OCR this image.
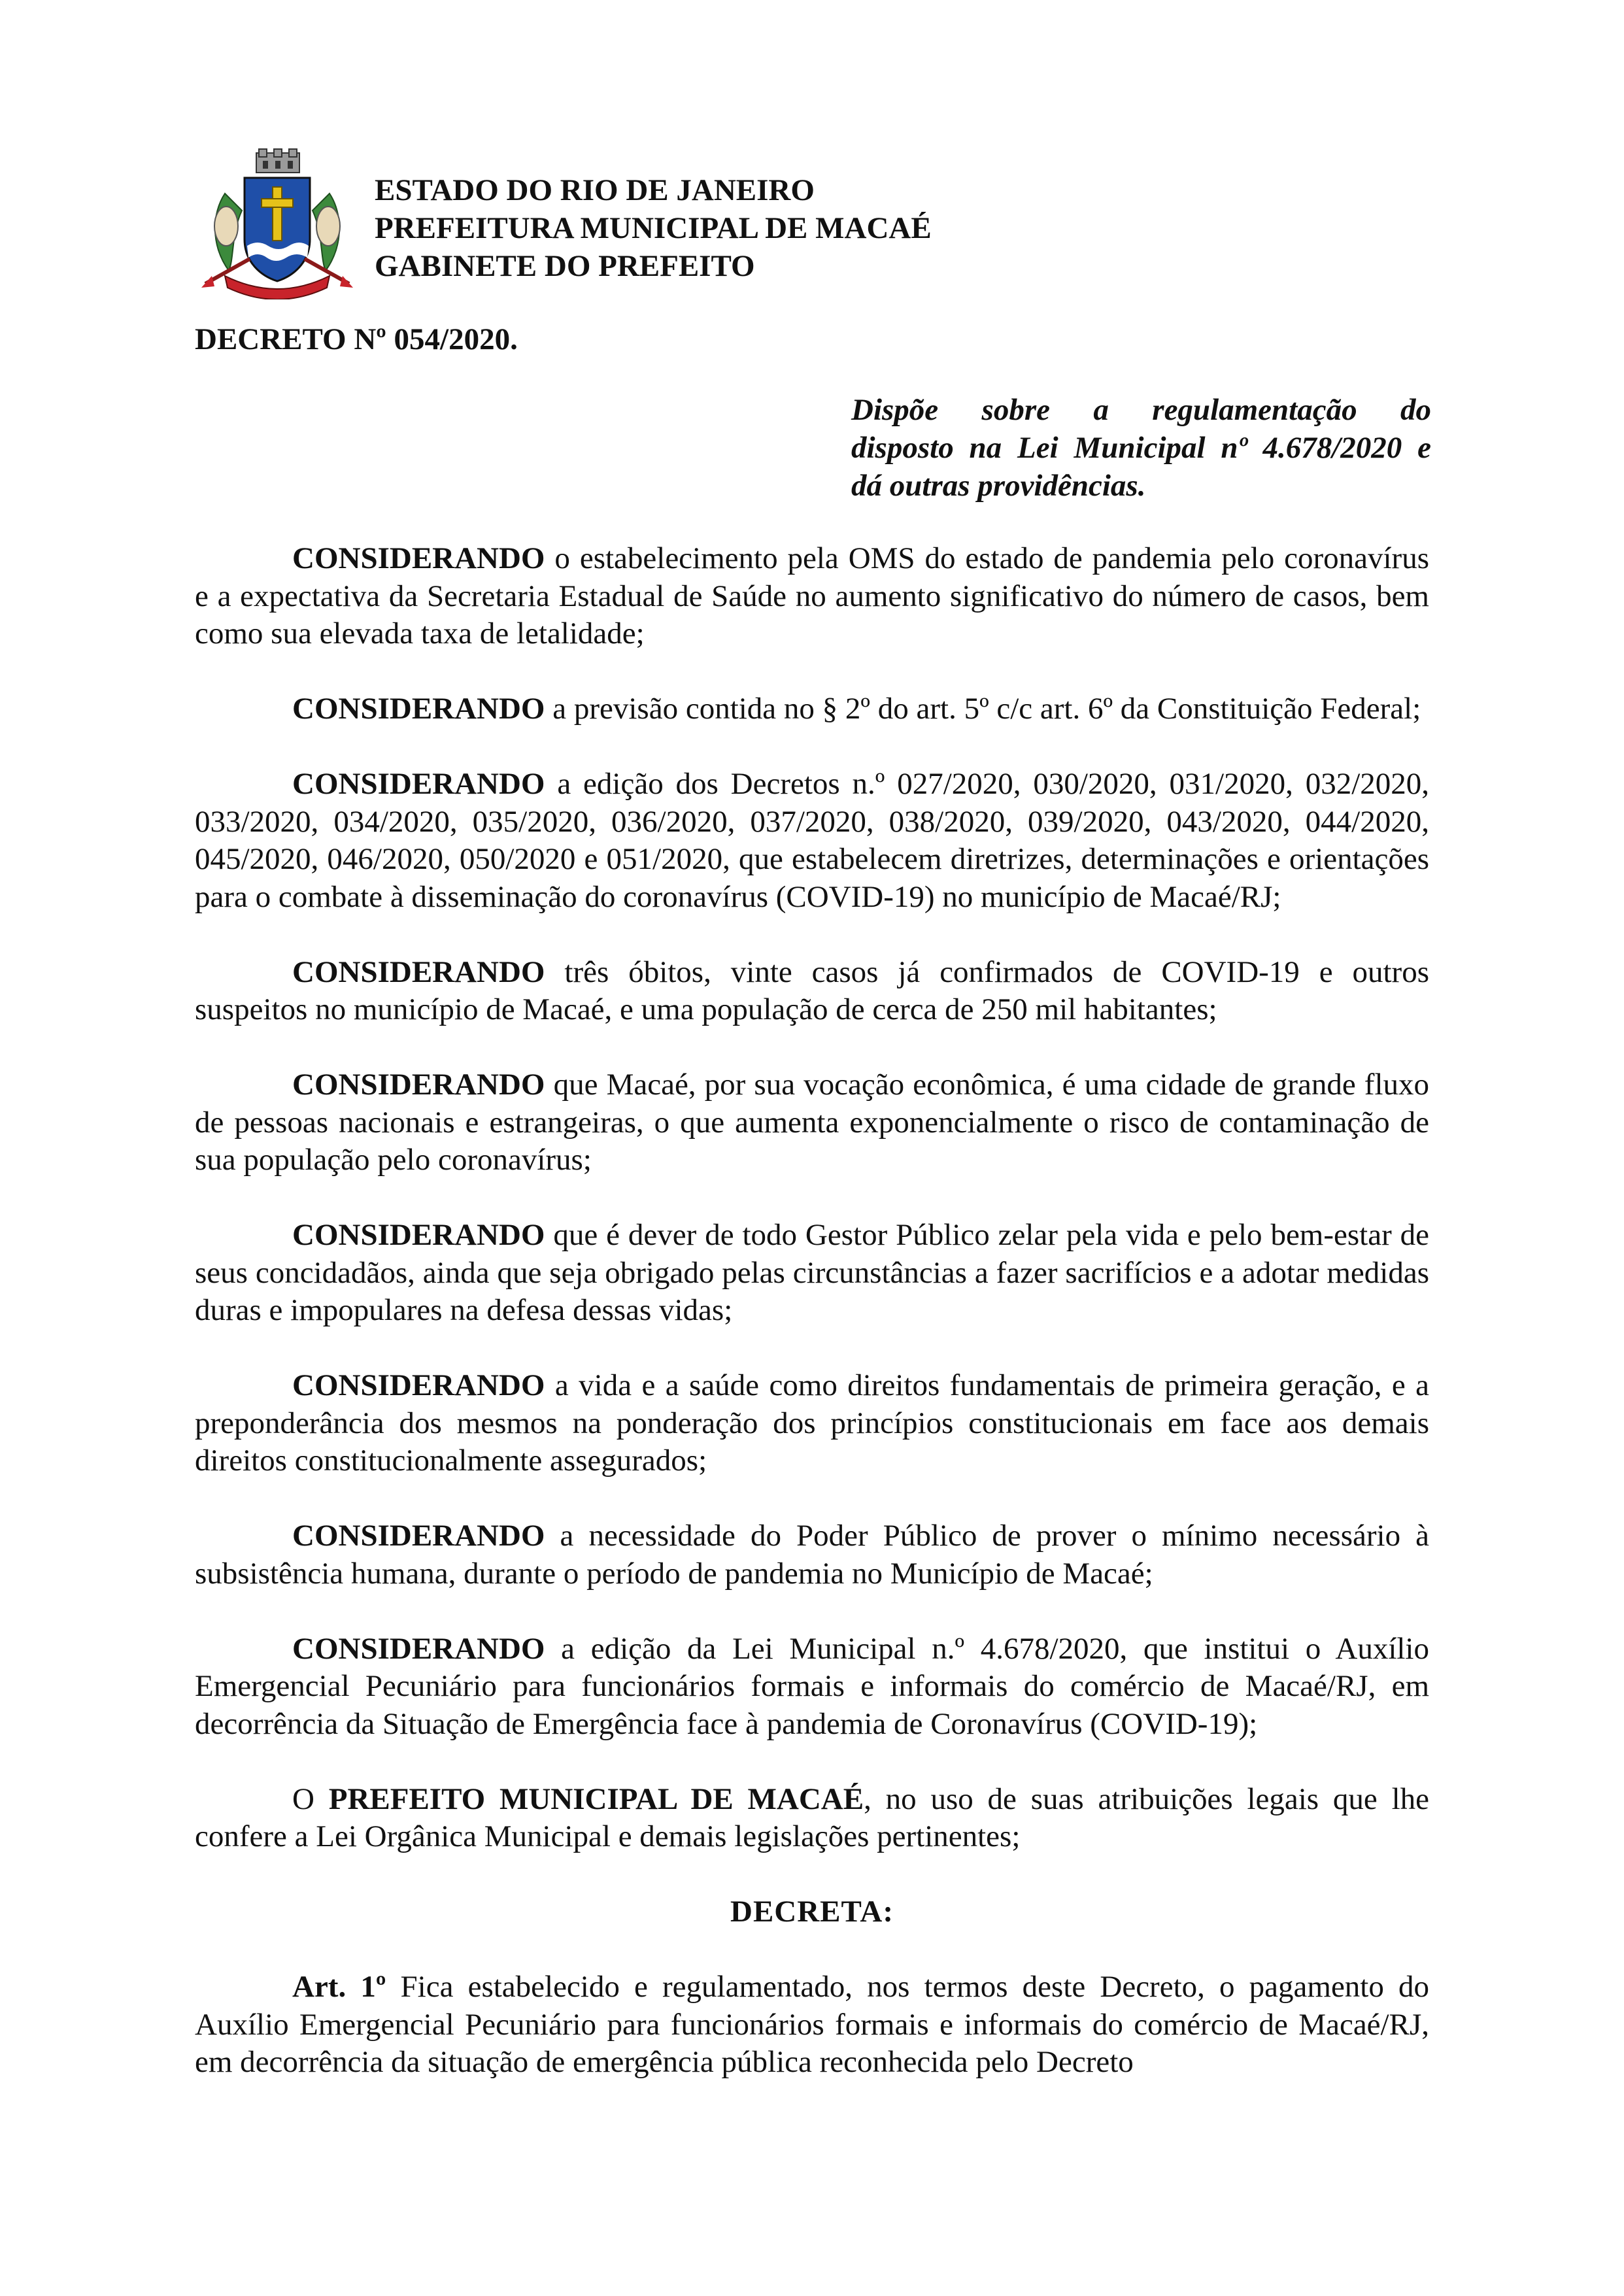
ESTADO DO RIO DE JANEIRO
PREFEITURA MUNICIPAL DE MACAÉ
GABINETE DO PREFEITO
DECRETO Nº 054/2020.
Dispõe sobre a regulamentação do
disposto na Lei Municipal nº 4.678/2020 e
dá outras providências.

CONSIDERANDO o estabelecimento pela OMS do estado de pandemia pelo coronavírus e a expectativa da Secretaria Estadual de Saúde no aumento significativo do número de casos, bem como sua elevada taxa de letalidade;

CONSIDERANDO a previsão contida no § 2º do art. 5º c/c art. 6º da Constituição Federal;

CONSIDERANDO a edição dos Decretos n.º 027/2020, 030/2020, 031/2020, 032/2020, 033/2020, 034/2020, 035/2020, 036/2020, 037/2020, 038/2020, 039/2020, 043/2020, 044/2020, 045/2020, 046/2020, 050/2020 e 051/2020, que estabelecem diretrizes, determinações e orientações para o combate à disseminação do coronavírus (COVID-19) no município de Macaé/RJ;

CONSIDERANDO três óbitos, vinte casos já confirmados de COVID-19 e outros suspeitos no município de Macaé, e uma população de cerca de 250 mil habitantes;

CONSIDERANDO que Macaé, por sua vocação econômica, é uma cidade de grande fluxo de pessoas nacionais e estrangeiras, o que aumenta exponencialmente o risco de contaminação de sua população pelo coronavírus;

CONSIDERANDO que é dever de todo Gestor Público zelar pela vida e pelo bem-estar de seus concidadãos, ainda que seja obrigado pelas circunstâncias a fazer sacrifícios e a adotar medidas duras e impopulares na defesa dessas vidas;

CONSIDERANDO a vida e a saúde como direitos fundamentais de primeira geração, e a preponderância dos mesmos na ponderação dos princípios constitucionais em face aos demais direitos constitucionalmente assegurados;

CONSIDERANDO a necessidade do Poder Público de prover o mínimo necessário à subsistência humana, durante o período de pandemia no Município de Macaé;

CONSIDERANDO a edição da Lei Municipal n.º 4.678/2020, que institui o Auxílio Emergencial Pecuniário para funcionários formais e informais do comércio de Macaé/RJ, em decorrência da Situação de Emergência face à pandemia de Coronavírus (COVID-19);

O PREFEITO MUNICIPAL DE MACAÉ, no uso de suas atribuições legais que lhe confere a Lei Orgânica Municipal e demais legislações pertinentes;

DECRETA:

Art. 1º Fica estabelecido e regulamentado, nos termos deste Decreto, o pagamento do Auxílio Emergencial Pecuniário para funcionários formais e informais do comércio de Macaé/RJ, em decorrência da situação de emergência pública reconhecida pelo Decreto
